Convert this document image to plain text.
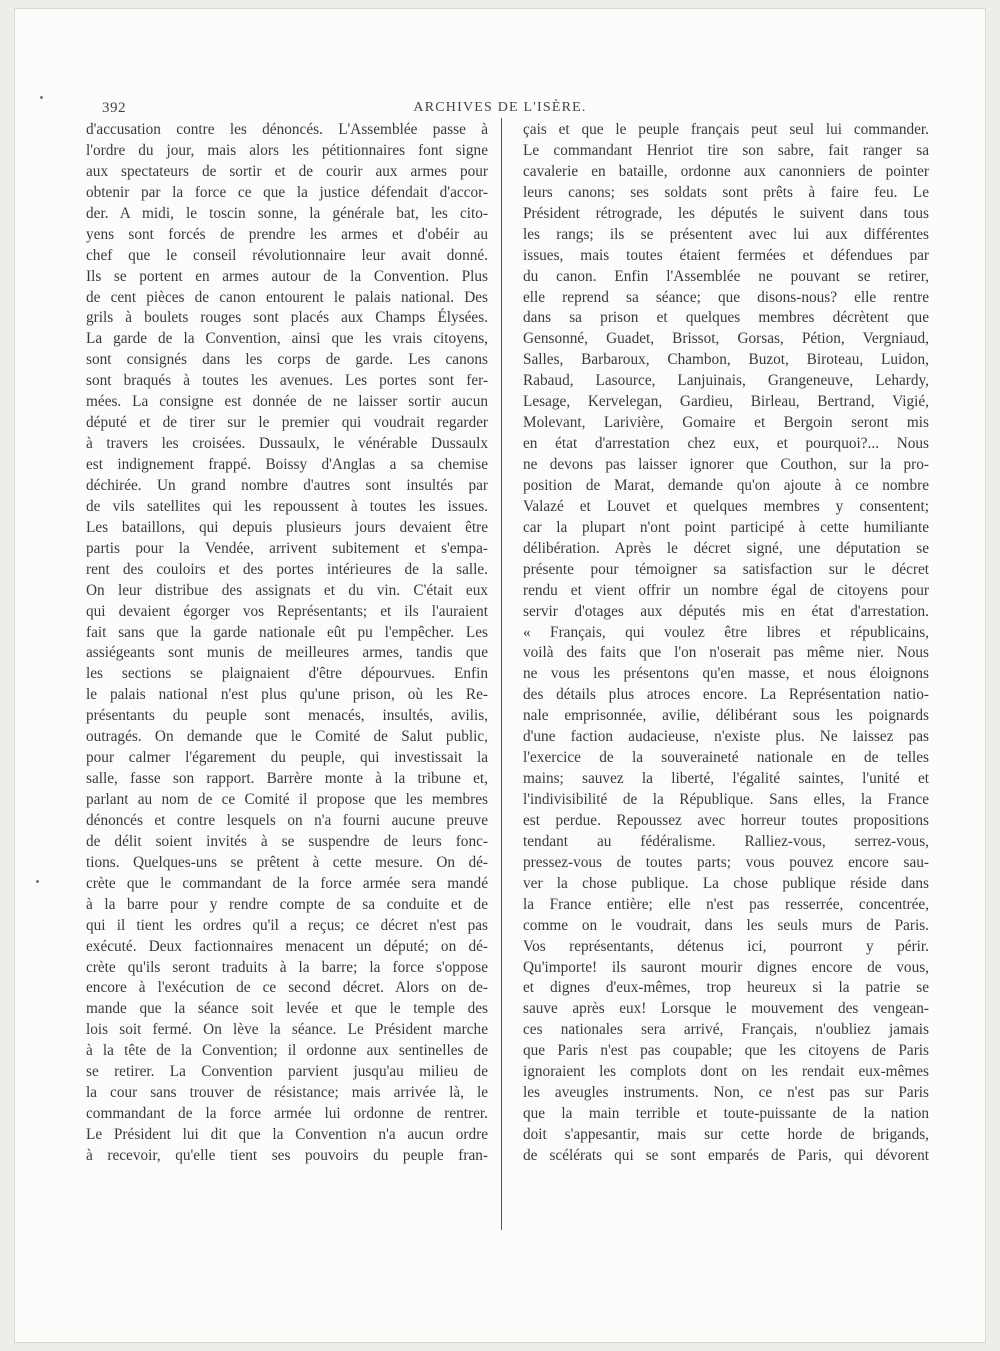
392	ARCHIVES DE L'ISÈRE.
d'accusation contre les dénoncés. L'Assemblée passe à
l'ordre du jour, mais alors les pétitionnaires font signe
aux spectateurs de sortir et de courir aux armes pour
obtenir par la force ce que la justice défendait d'accor-
der. A midi, le toscin sonne, la générale bat, les cito-
yens sont forcés de prendre les armes et d'obéir au
chef que le conseil révolutionnaire leur avait donné.
Ils se portent en armes autour de la Convention. Plus
de cent pièces de canon entourent le palais national. Des
grils à boulets rouges sont placés aux Champs Élysées.
La garde de la Convention, ainsi que les vrais citoyens,
sont consignés dans les corps de garde. Les canons
sont braqués à toutes les avenues. Les portes sont fer-
mées. La consigne est donnée de ne laisser sortir aucun
député et de tirer sur le premier qui voudrait regarder
à travers les croisées. Dussaulx, le vénérable Dussaulx
est indignement frappé. Boissy d'Anglas a sa chemise
déchirée. Un grand nombre d'autres sont insultés par
de vils satellites qui les repoussent à toutes les issues.
Les bataillons, qui depuis plusieurs jours devaient être
partis pour la Vendée, arrivent subitement et s'empa-
rent des couloirs et des portes intérieures de la salle.
On leur distribue des assignats et du vin. C'était eux
qui devaient égorger vos Représentants; et ils l'auraient
fait sans que la garde nationale eût pu l'empêcher. Les
assiégeants sont munis de meilleures armes, tandis que
les sections se plaignaient d'être dépourvues. Enfin
le palais national n'est plus qu'une prison, où les Re-
présentants du peuple sont menacés, insultés, avilis,
outragés. On demande que le Comité de Salut public,
pour calmer l'égarement du peuple, qui investissait la
salle, fasse son rapport. Barrère monte à la tribune et,
parlant au nom de ce Comité il propose que les membres
dénoncés et contre lesquels on n'a fourni aucune preuve
de délit soient invités à se suspendre de leurs fonc-
tions. Quelques-uns se prêtent à cette mesure. On dé-
crète que le commandant de la force armée sera mandé
à la barre pour y rendre compte de sa conduite et de
qui il tient les ordres qu'il a reçus; ce décret n'est pas
exécuté. Deux factionnaires menacent un député; on dé-
crète qu'ils seront traduits à la barre; la force s'oppose
encore à l'exécution de ce second décret. Alors on de-
mande que la séance soit levée et que le temple des
lois soit fermé. On lève la séance. Le Président marche
à la tête de la Convention; il ordonne aux sentinelles de
se retirer. La Convention parvient jusqu'au milieu de
la cour sans trouver de résistance; mais arrivée là, le
commandant de la force armée lui ordonne de rentrer.
Le Président lui dit que la Convention n'a aucun ordre
à recevoir, qu'elle tient ses pouvoirs du peuple fran-
çais et que le peuple français peut seul lui commander.
Le commandant Henriot tire son sabre, fait ranger sa
cavalerie en bataille, ordonne aux canonniers de pointer
leurs canons; ses soldats sont prêts à faire feu. Le
Président rétrograde, les députés le suivent dans tous
les rangs; ils se présentent avec lui aux différentes
issues, mais toutes étaient fermées et défendues par
du canon. Enfin l'Assemblée ne pouvant se retirer,
elle reprend sa séance; que disons-nous? elle rentre
dans sa prison et quelques membres décrètent que
Gensonné, Guadet, Brissot, Gorsas, Pétion, Vergniaud,
Salles, Barbaroux, Chambon, Buzot, Biroteau, Luidon,
Rabaud, Lasource, Lanjuinais, Grangeneuve, Lehardy,
Lesage, Kervelegan, Gardieu, Birleau, Bertrand, Vigié,
Molevant, Larivière, Gomaire et Bergoin seront mis
en état d'arrestation chez eux, et pourquoi?... Nous
ne devons pas laisser ignorer que Couthon, sur la pro-
position de Marat, demande qu'on ajoute à ce nombre
Valazé et Louvet et quelques membres y consentent;
car la plupart n'ont point participé à cette humiliante
délibération. Après le décret signé, une députation se
présente pour témoigner sa satisfaction sur le décret
rendu et vient offrir un nombre égal de citoyens pour
servir d'otages aux députés mis en état d'arrestation.
« Français, qui voulez être libres et républicains,
voilà des faits que l'on n'oserait pas même nier. Nous
ne vous les présentons qu'en masse, et nous éloignons
des détails plus atroces encore. La Représentation natio-
nale emprisonnée, avilie, délibérant sous les poignards
d'une faction audacieuse, n'existe plus. Ne laissez pas
l'exercice de la souveraineté nationale en de telles
mains; sauvez la liberté, l'égalité saintes, l'unité et
l'indivisibilité de la République. Sans elles, la France
est perdue. Repoussez avec horreur toutes propositions
tendant au fédéralisme. Ralliez-vous, serrez-vous,
pressez-vous de toutes parts; vous pouvez encore sau-
ver la chose publique. La chose publique réside dans
la France entière; elle n'est pas resserrée, concentrée,
comme on le voudrait, dans les seuls murs de Paris.
Vos représentants, détenus ici, pourront y périr.
Qu'importe! ils sauront mourir dignes encore de vous,
et dignes d'eux-mêmes, trop heureux si la patrie se
sauve après eux! Lorsque le mouvement des vengean-
ces nationales sera arrivé, Français, n'oubliez jamais
que Paris n'est pas coupable; que les citoyens de Paris
ignoraient les complots dont on les rendait eux-mêmes
les aveugles instruments. Non, ce n'est pas sur Paris
que la main terrible et toute-puissante de la nation
doit s'appesantir, mais sur cette horde de brigands,
de scélérats qui se sont emparés de Paris, qui dévorent
